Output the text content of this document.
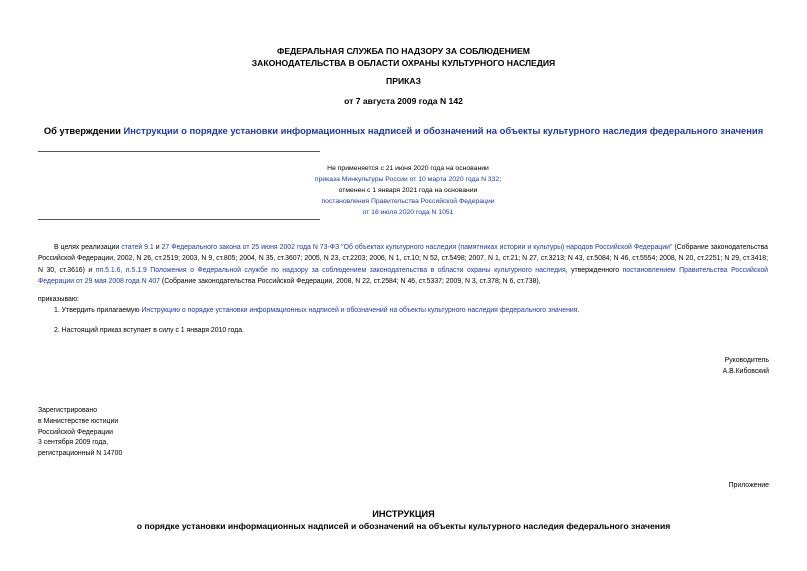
ФЕДЕРАЛЬНАЯ СЛУЖБА ПО НАДЗОРУ ЗА СОБЛЮДЕНИЕМ
ЗАКОНОДАТЕЛЬСТВА В ОБЛАСТИ ОХРАНЫ КУЛЬТУРНОГО НАСЛЕДИЯ
ПРИКАЗ
от 7 августа 2009 года N 142
Об утверждении Инструкции о порядке установки информационных надписей и обозначений на объекты культурного наследия федерального значения
Не применяется с 21 июня 2020 года на основании
приказа Минкультуры России от 10 марта 2020 года N 332;
отменен с 1 января 2021 года на основании
постановления Правительства Российской Федерации
от 16 июля 2020 года N 1051
В целях реализации статей 9.1 и 27 Федерального закона от 25 июня 2002 года N 73-ФЗ "Об объектах культурного наследия (памятниках истории и культуры) народов Российской Федерации" (Собрание законодательства Российской Федерации, 2002, N 26, ст.2519; 2003, N 9, ст.805; 2004, N 35, ст.3607; 2005, N 23, ст.2203; 2006, N 1, ст.10; N 52, ст.5498; 2007, N 1, ст.21; N 27, ст.3213; N 43, ст.5084; N 46, ст.5554; 2008, N 20, ст.2251; N 29, ст.3418; N 30, ст.3616) и пп.5.1.6, п.5.1.9 Положения о Федеральной службе по надзору за соблюдением законодательства в области охраны культурного наследия, утвержденного постановлением Правительства Российской Федерации от 29 мая 2008 года N 407 (Собрание законодательства Российской Федерации, 2008, N 22, ст.2584; N 46, ст.5337; 2009, N 3, ст.378; N 6, ст.738),
приказываю:
1. Утвердить прилагаемую Инструкцию о порядке установки информационных надписей и обозначений на объекты культурного наследия федерального значения.
2. Настоящий приказ вступает в силу с 1 января 2010 года.
Руководитель
А.В.Кибовский
Зарегистрировано
в Министерстве юстиции
Российской Федерации
3 сентября 2009 года,
регистрационный N 14700
Приложение
ИНСТРУКЦИЯ
о порядке установки информационных надписей и обозначений на объекты культурного наследия федерального значения
